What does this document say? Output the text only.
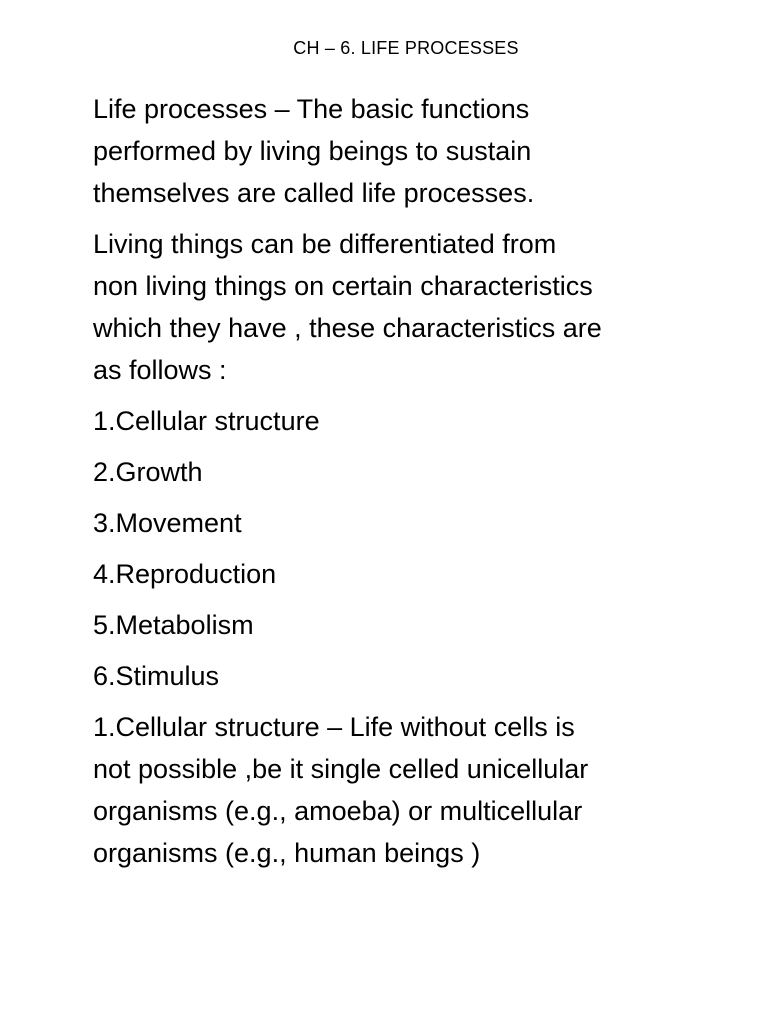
CH – 6. LIFE PROCESSES

Life processes – The basic functions
performed by living beings to sustain
themselves are called life processes.

Living things can be differentiated from
non living things on certain characteristics
which they have , these characteristics are
as follows :

1.Cellular structure

2.Growth

3.Movement

4.Reproduction

5.Metabolism

6.Stimulus

1.Cellular structure – Life without cells is
not possible ,be it single celled unicellular
organisms (e.g., amoeba) or multicellular
organisms (e.g., human beings )
